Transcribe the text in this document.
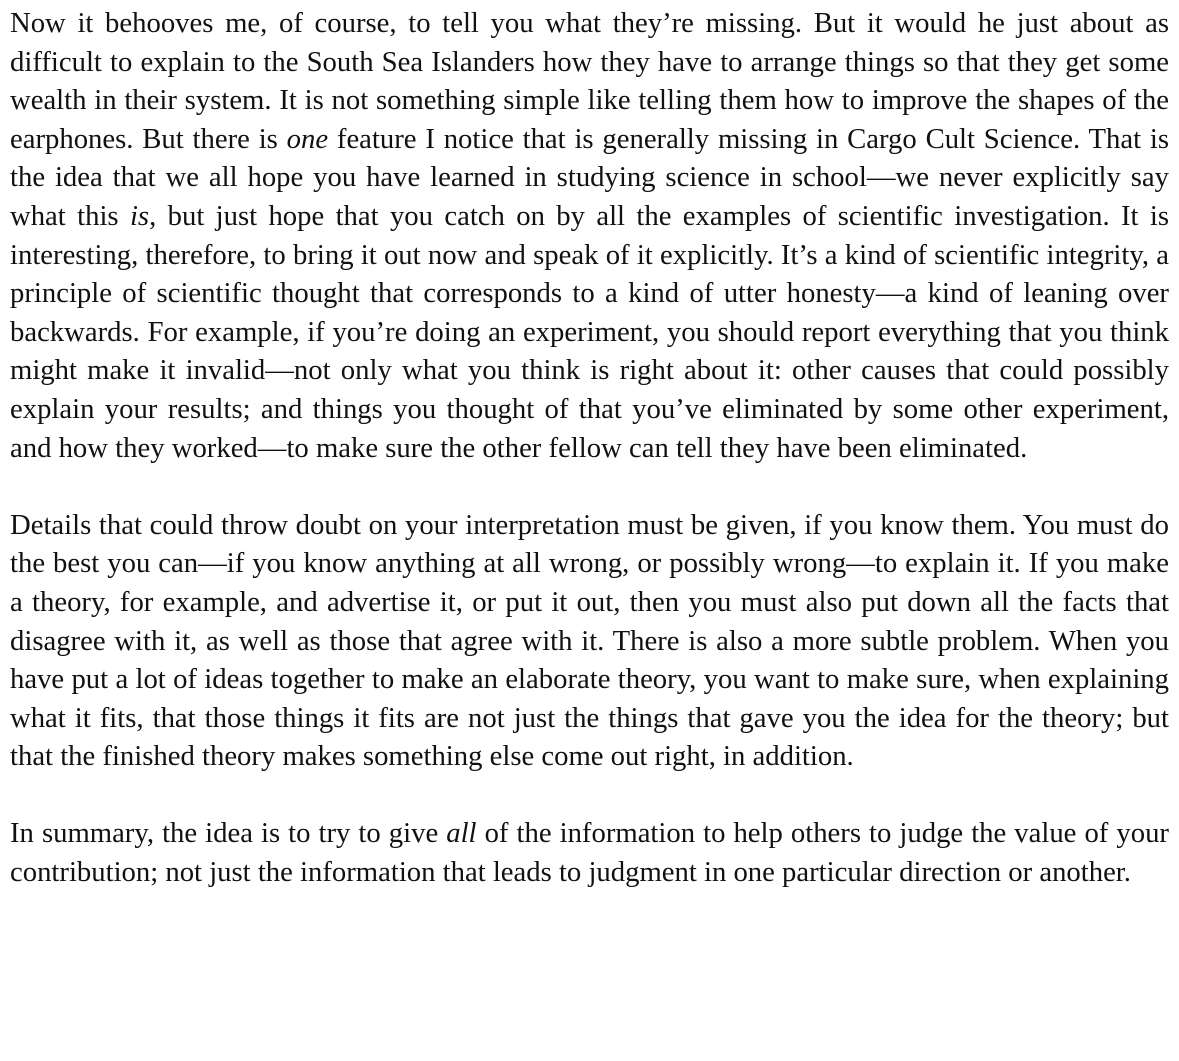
Now it behooves me, of course, to tell you what they’re missing. But it would he just about as difficult to explain to the South Sea Islanders how they have to arrange things so that they get some wealth in their system. It is not something simple like telling them how to improve the shapes of the earphones. But there is one feature I notice that is generally missing in Cargo Cult Science. That is the idea that we all hope you have learned in studying science in school—we never explicitly say what this is, but just hope that you catch on by all the examples of scientific investigation. It is interesting, therefore, to bring it out now and speak of it explicitly. It’s a kind of scientific integrity, a principle of scientific thought that corresponds to a kind of utter honesty—a kind of leaning over backwards. For example, if you’re doing an experiment, you should report everything that you think might make it invalid—not only what you think is right about it: other causes that could possibly explain your results; and things you thought of that you’ve eliminated by some other experiment, and how they worked—to make sure the other fellow can tell they have been eliminated.

Details that could throw doubt on your interpretation must be given, if you know them. You must do the best you can—if you know anything at all wrong, or possibly wrong—to explain it. If you make a theory, for example, and advertise it, or put it out, then you must also put down all the facts that disagree with it, as well as those that agree with it. There is also a more subtle problem. When you have put a lot of ideas together to make an elaborate theory, you want to make sure, when explaining what it fits, that those things it fits are not just the things that gave you the idea for the theory; but that the finished theory makes something else come out right, in addition.

In summary, the idea is to try to give all of the information to help others to judge the value of your contribution; not just the information that leads to judgment in one particular direction or another.
